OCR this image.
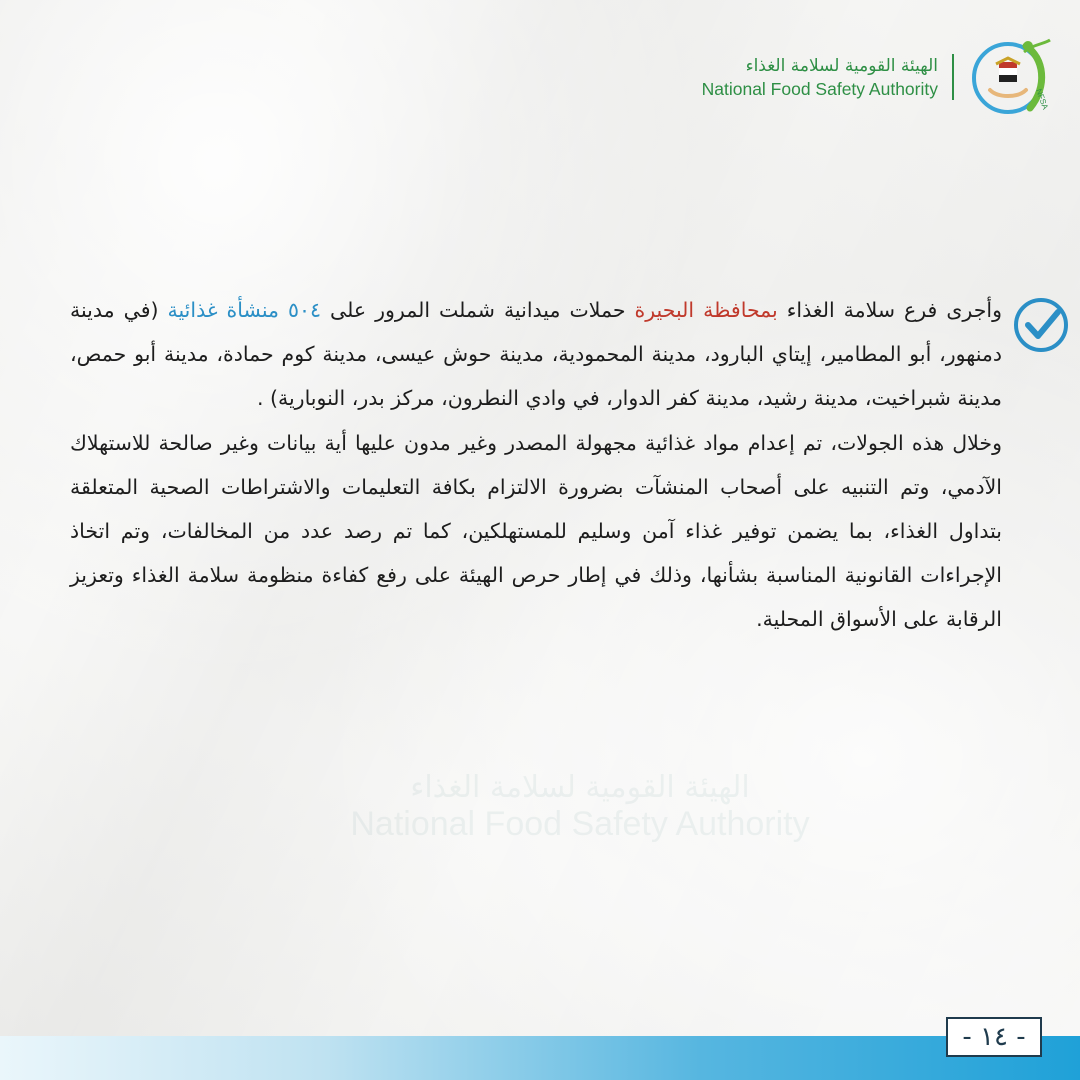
الهيئة القومية لسلامة الغذاء
National Food Safety Authority
الهيئة القومية لسلامة الغذاء
National Food Safety Authority	NFSA

وأجرى فرع سلامة الغذاء بمحافظة البحيرة حملات ميدانية شملت المرور على ٥٠٤ منشأة غذائية (في مدينة دمنهور، أبو المطامير، إيتاي البارود، مدينة المحمودية، مدينة حوش عيسى، مدينة كوم حمادة، مدينة أبو حمص، مدينة شبراخيت، مدينة رشيد، مدينة كفر الدوار، في وادي النطرون، مركز بدر، النوبارية) .

وخلال هذه الجولات، تم إعدام مواد غذائية مجهولة المصدر وغير مدون عليها أية بيانات وغير صالحة للاستهلاك الآدمي، وتم التنبيه على أصحاب المنشآت بضرورة الالتزام بكافة التعليمات والاشتراطات الصحية المتعلقة بتداول الغذاء، بما يضمن توفير غذاء آمن وسليم للمستهلكين، كما تم رصد عدد من المخالفات، وتم اتخاذ الإجراءات القانونية المناسبة بشأنها، وذلك في إطار حرص الهيئة على رفع كفاءة منظومة سلامة الغذاء وتعزيز الرقابة على الأسواق المحلية.

- ١٤ -
